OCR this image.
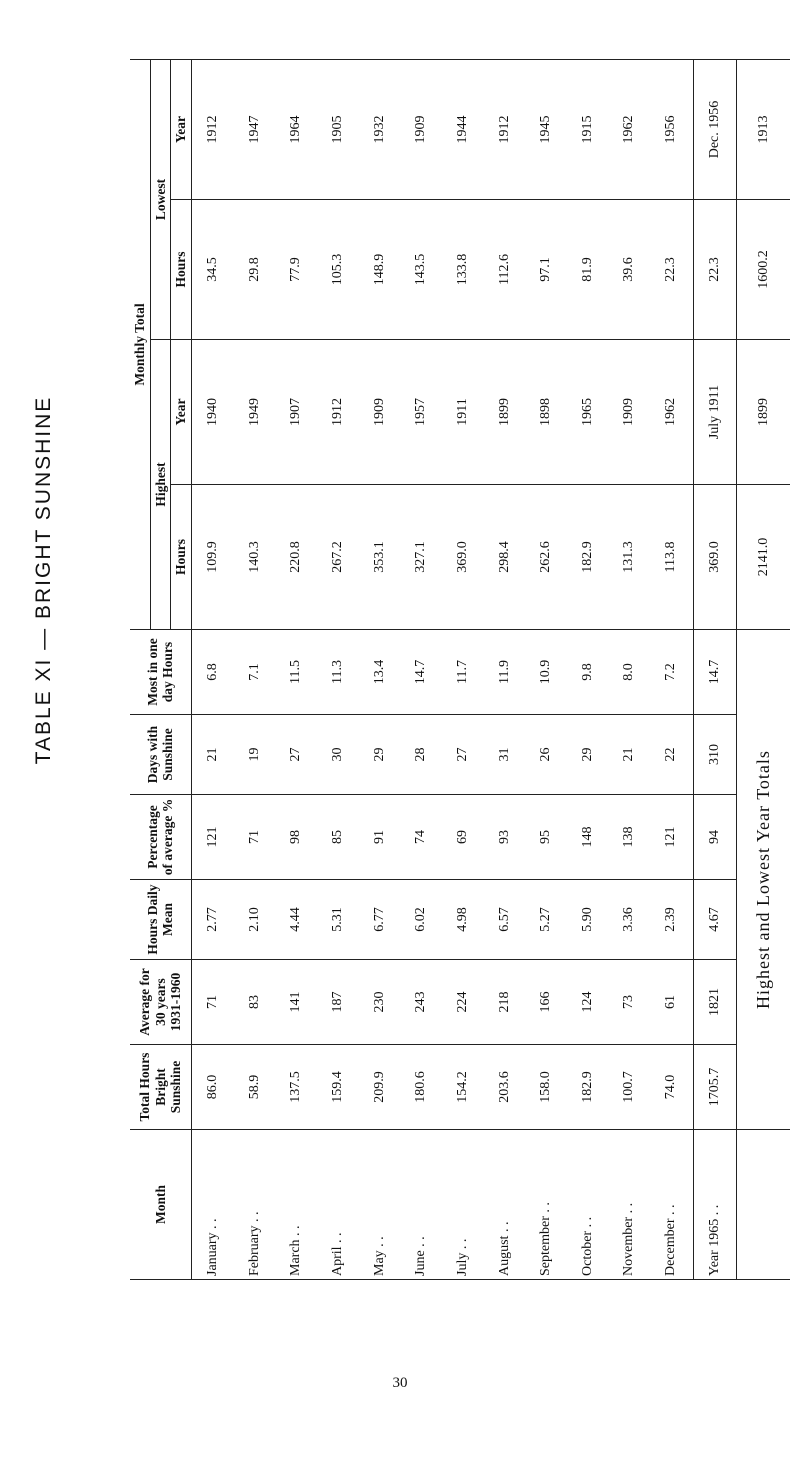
TABLE XI — BRIGHT SUNSHINE
Month	Total Hours Bright Sunshine	Average for 30 years 1931-1960	Hours Daily Mean	Percentage of average %	Days with Sunshine	Most in one day Hours	Monthly Total			
							Highest		Lowest	
							Hours	Year	Hours	Year
January . .	86.0	71	2.77	121	21	6.8	109.9	1940	34.5	1912
February . .	58.9	83	2.10	71	19	7.1	140.3	1949	29.8	1947
March . .	137.5	141	4.44	98	27	11.5	220.8	1907	77.9	1964
April . .	159.4	187	5.31	85	30	11.3	267.2	1912	105.3	1905
May . .	209.9	230	6.77	91	29	13.4	353.1	1909	148.9	1932
June . .	180.6	243	6.02	74	28	14.7	327.1	1957	143.5	1909
July . .	154.2	224	4.98	69	27	11.7	369.0	1911	133.8	1944
August . .	203.6	218	6.57	93	31	11.9	298.4	1899	112.6	1912
September . .	158.0	166	5.27	95	26	10.9	262.6	1898	97.1	1945
October . .	182.9	124	5.90	148	29	9.8	182.9	1965	81.9	1915
November . .	100.7	73	3.36	138	21	8.0	131.3	1909	39.6	1962
December . .	74.0	61	2.39	121	22	7.2	113.8	1962	22.3	1956
Year 1965 . .	1705.7	1821	4.67	94	310	14.7	369.0	July 1911	22.3	Dec. 1956
	Highest and Lowest Year Totals						2141.0	1899	1600.2	1913
30
